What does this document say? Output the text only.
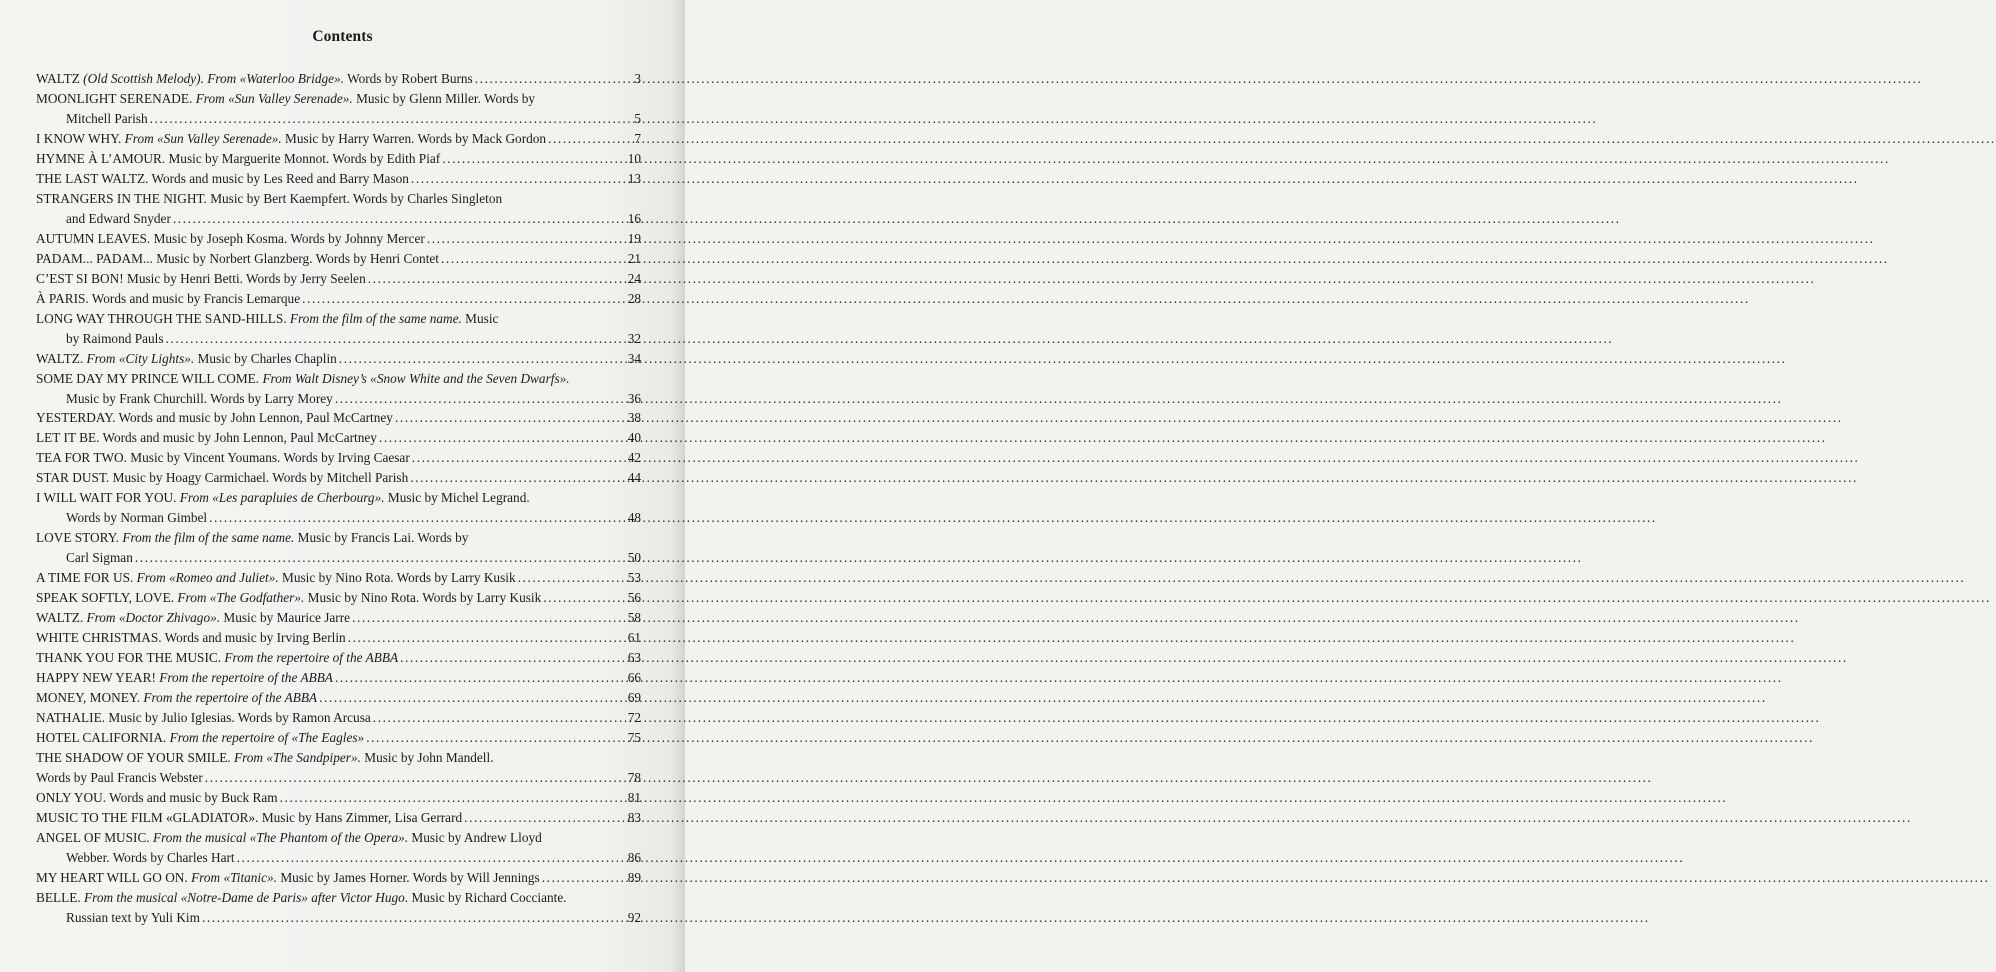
Contents
WALTZ (Old Scottish Melody). From «Waterloo Bridge». Words by Robert Burns .....	3
MOONLIGHT SERENADE. From «Sun Valley Serenade». Music by Glenn Miller. Words by
Mitchell Parish .....	5
I KNOW WHY. From «Sun Valley Serenade». Music by Harry Warren. Words by Mack Gordon .....	7
HYMNE À L’AMOUR. Music by Marguerite Monnot. Words by Edith Piaf .....	10
THE LAST WALTZ. Words and music by Les Reed and Barry Mason .....	13
STRANGERS IN THE NIGHT. Music by Bert Kaempfert. Words by Charles Singleton
and Edward Snyder .....	16
AUTUMN LEAVES. Music by Joseph Kosma. Words by Johnny Mercer .....	19
PADAM... PADAM... Music by Norbert Glanzberg. Words by Henri Contet .....	21
C’EST SI BON! Music by Henri Betti. Words by Jerry Seelen .....	24
À PARIS. Words and music by Francis Lemarque .....	28
LONG WAY THROUGH THE SAND-HILLS. From the film of the same name. Music
by Raimond Pauls .....	32
WALTZ. From «City Lights». Music by Charles Chaplin .....	34
SOME DAY MY PRINCE WILL COME. From Walt Disney’s «Snow White and the Seven Dwarfs».
Music by Frank Churchill. Words by Larry Morey .....	36
YESTERDAY. Words and music by John Lennon, Paul McCartney .....	38
LET IT BE. Words and music by John Lennon, Paul McCartney .....	40
TEA FOR TWO. Music by Vincent Youmans. Words by Irving Caesar .....	42
STAR DUST. Music by Hoagy Carmichael. Words by Mitchell Parish .....	44
I WILL WAIT FOR YOU. From «Les parapluies de Cherbourg». Music by Michel Legrand.
Words by Norman Gimbel .....	48
LOVE STORY. From the film of the same name. Music by Francis Lai. Words by
Carl Sigman .....	50
A TIME FOR US. From «Romeo and Juliet». Music by Nino Rota. Words by Larry Kusik .....	53
SPEAK SOFTLY, LOVE. From «The Godfather». Music by Nino Rota. Words by Larry Kusik .....	56
WALTZ. From «Doctor Zhivago». Music by Maurice Jarre .....	58
WHITE CHRISTMAS. Words and music by Irving Berlin .....	61
THANK YOU FOR THE MUSIC. From the repertoire of the ABBA .....	63
HAPPY NEW YEAR! From the repertoire of the ABBA .....	66
MONEY, MONEY. From the repertoire of the ABBA .....	69
NATHALIE. Music by Julio Iglesias. Words by Ramon Arcusa .....	72
HOTEL CALIFORNIA. From the repertoire of «The Eagles» .....	75
THE SHADOW OF YOUR SMILE. From «The Sandpiper». Music by John Mandell.
Words by Paul Francis Webster .....	78
ONLY YOU. Words and music by Buck Ram .....	81
MUSIC TO THE FILM «GLADIATOR». Music by Hans Zimmer, Lisa Gerrard .....	83
ANGEL OF MUSIC. From the musical «The Phantom of the Opera». Music by Andrew Lloyd
Webber. Words by Charles Hart .....	86
MY HEART WILL GO ON. From «Titanic». Music by James Horner. Words by Will Jennings .....	89
BELLE. From the musical «Notre-Dame de Paris» after Victor Hugo. Music by Richard Cocciante.
Russian text by Yuli Kim .....	92
